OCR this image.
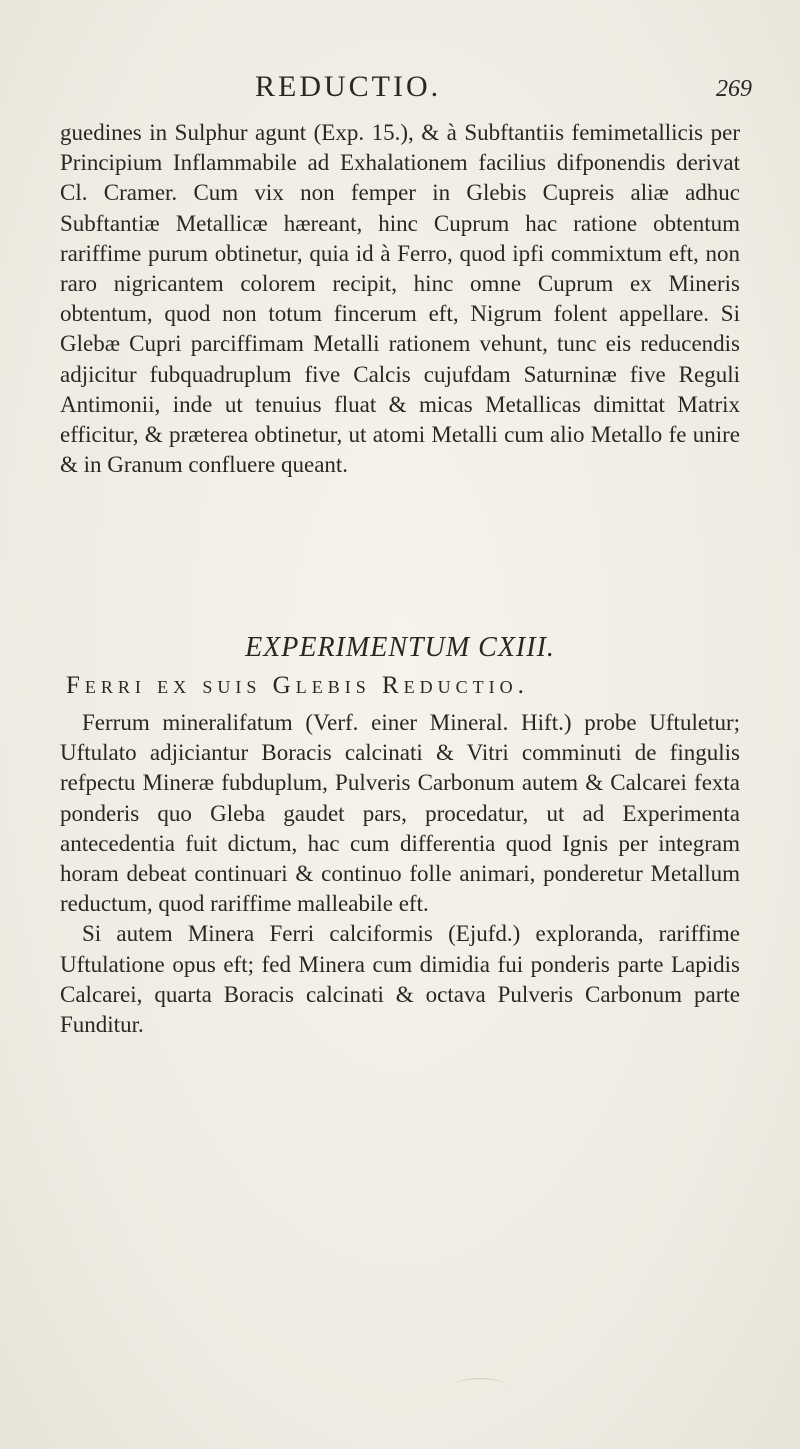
REDUCTIO.	269

guedines in Sulphur agunt (Exp. 15.), & à Subftantiis femimetallicis per Principium Inflammabile ad Exhalationem facilius difponendis derivat Cl. Cramer. Cum vix non femper in Glebis Cupreis aliæ adhuc Subftantiæ Metallicæ hæreant, hinc Cuprum hac ratione obtentum rariffime purum obtinetur, quia id à Ferro, quod ipfi commixtum eft, non raro nigricantem colorem recipit, hinc omne Cuprum ex Mineris obtentum, quod non totum fincerum eft, Nigrum folent appellare. Si Glebæ Cupri parciffimam Metalli rationem vehunt, tunc eis reducendis adjicitur fubquadruplum five Calcis cujufdam Saturninæ five Reguli Antimonii, inde ut tenuius fluat & micas Metallicas dimittat Matrix efficitur, & præterea obtinetur, ut atomi Metalli cum alio Metallo fe unire & in Granum confluere queant.

EXPERIMENTUM CXIII.
Ferri ex suis Glebis Reductio.

Ferrum mineralifatum (Verf. einer Mineral. Hift.) probe Uftuletur; Uftulato adjiciantur Boracis calcinati & Vitri comminuti de fingulis refpectu Mineræ fubduplum, Pulveris Carbonum autem & Calcarei fexta ponderis quo Gleba gaudet pars, procedatur, ut ad Experimenta antecedentia fuit dictum, hac cum differentia quod Ignis per integram horam debeat continuari & continuo folle animari, ponderetur Metallum reductum, quod rariffime malleabile eft.

Si autem Minera Ferri calciformis (Ejufd.) exploranda, rariffime Uftulatione opus eft; fed Minera cum dimidia fui ponderis parte Lapidis Calcarei, quarta Boracis calcinati & octava Pulveris Carbonum parte Funditur.
